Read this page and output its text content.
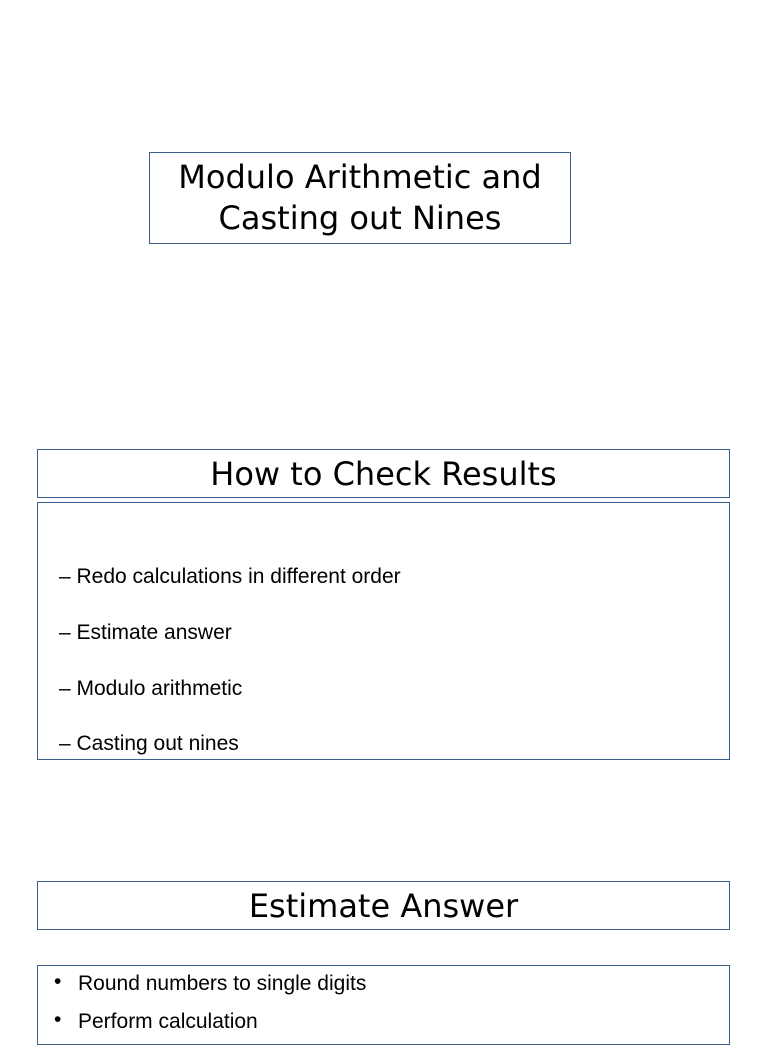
Modulo Arithmetic and
Casting out Nines
How to Check Results
– Redo calculations in different order
– Estimate answer
– Modulo arithmetic
– Casting out nines
Estimate Answer
• Round numbers to single digits
• Perform calculation
